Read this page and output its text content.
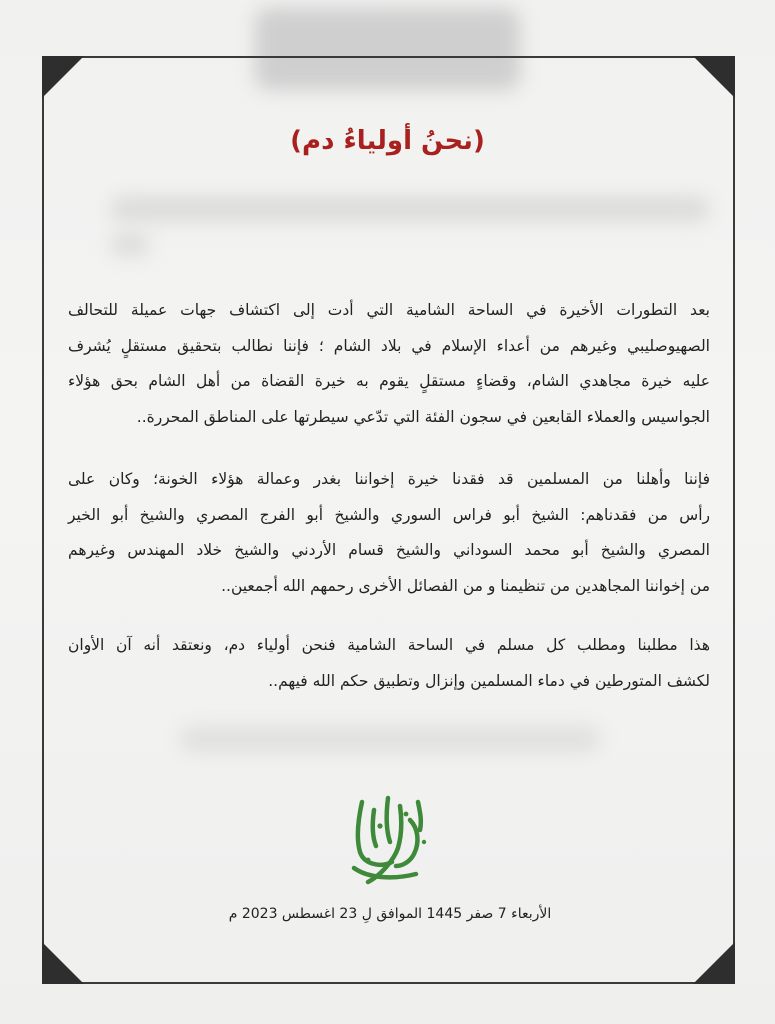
(نحنُ أولياءُ دم)
بعد التطورات الأخيرة في الساحة الشامية التي أدت إلى اكتشاف جهات عميلة للتحالف
الصهيوصليبي وغيرهم من أعداء الإسلام في بلاد الشام ؛ فإننا نطالب بتحقيق مستقلٍ يُشرف
عليه خيرة مجاهدي الشام، وقضاءٍ مستقلٍ يقوم به خيرة القضاة من أهل الشام بحق هؤلاء
الجواسيس والعملاء القابعين في سجون الفئة التي تدّعي سيطرتها على المناطق المحررة..
فإننا وأهلنا من المسلمين قد فقدنا خيرة إخواننا بغدر وعمالة هؤلاء الخونة؛ وكان على
رأس من فقدناهم: الشيخ أبو فراس السوري والشيخ أبو الفرج المصري والشيخ أبو الخير
المصري والشيخ أبو محمد السوداني والشيخ قسام الأردني والشيخ خلاد المهندس وغيرهم
من إخواننا المجاهدين من تنظيمنا و من الفصائل الأخرى رحمهم الله أجمعين..
هذا مطلبنا ومطلب كل مسلم في الساحة الشامية فنحن أولياء دم، ونعتقد أنه آن الأوان
لكشف المتورطين في دماء المسلمين وإنزال وتطبيق حكم الله فيهم..
الأربعاء 7 صفر 1445 الموافق لِ 23 اغسطس 2023 م
